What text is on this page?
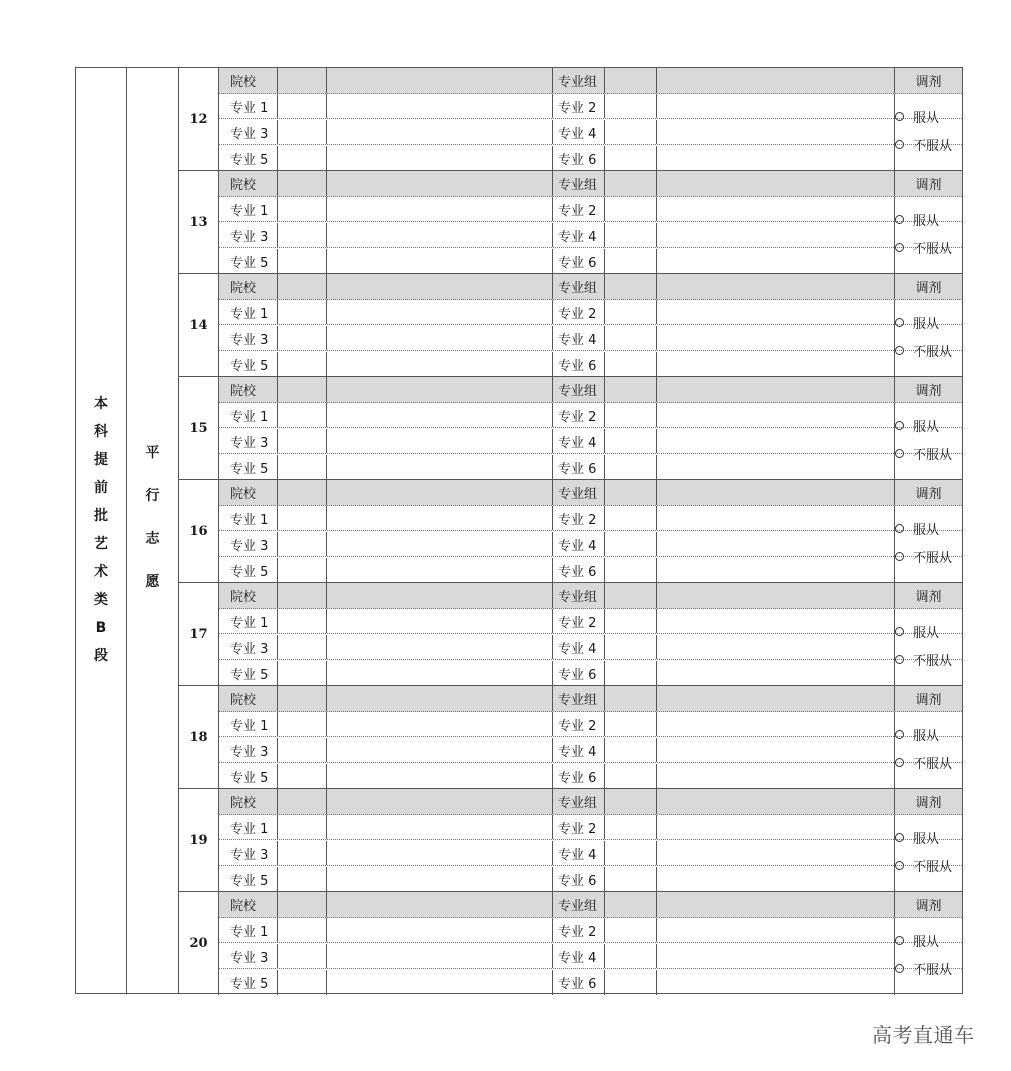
本
科
提
前
批
艺
术
类
B
段
平
行
志
愿
12
院校	专业组	调剂
专业 1	专业 2
专业 3	专业 4
专业 5	专业 6
服从
不服从
13
院校	专业组	调剂
专业 1	专业 2
专业 3	专业 4
专业 5	专业 6
服从
不服从
14
院校	专业组	调剂
专业 1	专业 2
专业 3	专业 4
专业 5	专业 6
服从
不服从
15
院校	专业组	调剂
专业 1	专业 2
专业 3	专业 4
专业 5	专业 6
服从
不服从
16
院校	专业组	调剂
专业 1	专业 2
专业 3	专业 4
专业 5	专业 6
服从
不服从
17
院校	专业组	调剂
专业 1	专业 2
专业 3	专业 4
专业 5	专业 6
服从
不服从
18
院校	专业组	调剂
专业 1	专业 2
专业 3	专业 4
专业 5	专业 6
服从
不服从
19
院校	专业组	调剂
专业 1	专业 2
专业 3	专业 4
专业 5	专业 6
服从
不服从
20
院校	专业组	调剂
专业 1	专业 2
专业 3	专业 4
专业 5	专业 6
服从
不服从
高考直通车
